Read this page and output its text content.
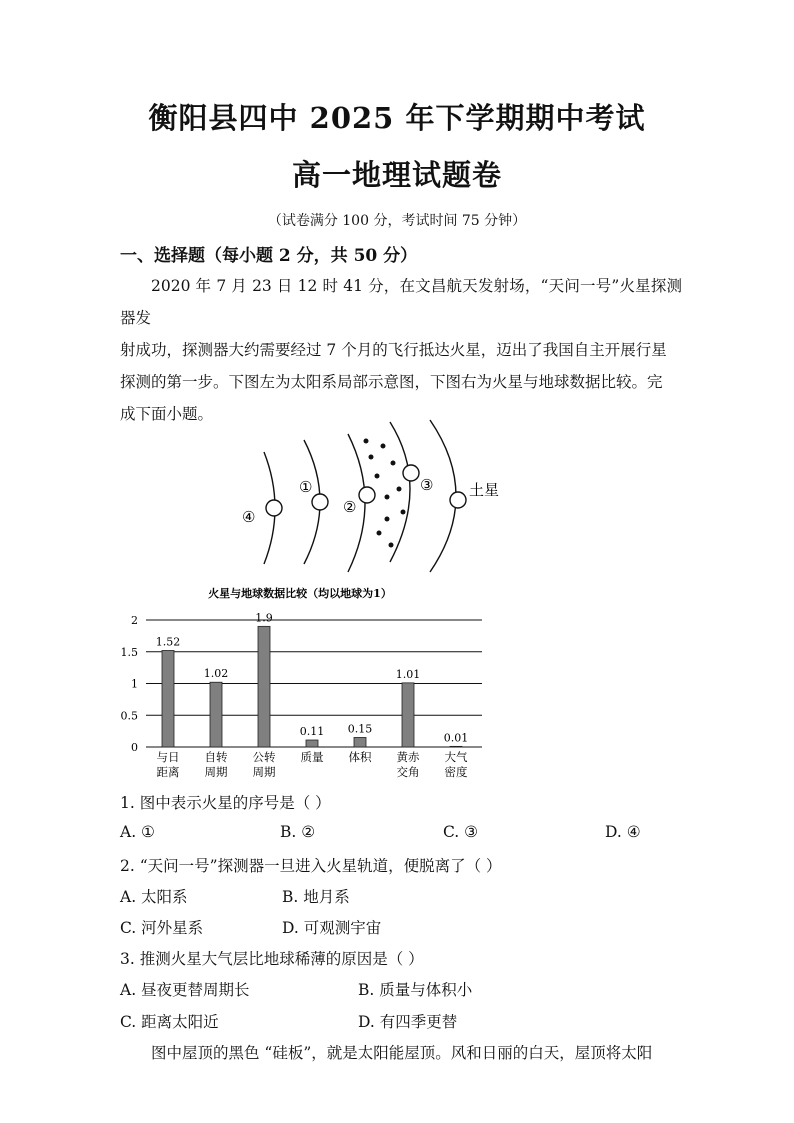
衡阳县四中 2025 年下学期期中考试
高一地理试题卷
（试卷满分 100 分，考试时间 75 分钟）
一、选择题（每小题 2 分，共 50 分）
2020 年 7 月 23 日 12 时 41 分，在文昌航天发射场，“天问一号”火星探测器发
射成功，探测器大约需要经过 7 个月的飞行抵达火星，迈出了我国自主开展行星
探测的第一步。下图左为太阳系局部示意图，下图右为火星与地球数据比较。完
成下面小题。
④
①
②
③ 土星
火星与地球数据比较（均以地球为1）
0
0.5
1
1.5
2
1.52
1.02
1.9
0.11 0.15
1.01
0.01
与日
距离
自转
周期
公转
周期
质量 体积 黄赤
交角
大气
密度
1. 图中表示火星的序号是（ ）
A. ①	B. ②	C. ③	D. ④
2. “天问一号”探测器一旦进入火星轨道，便脱离了（ ）
A. 太阳系	B. 地月系
C. 河外星系	D. 可观测宇宙
3. 推测火星大气层比地球稀薄的原因是（ ）
A. 昼夜更替周期长	B. 质量与体积小
C. 距离太阳近	D. 有四季更替
图中屋顶的黑色 “硅板”，就是太阳能屋顶。风和日丽的白天，屋顶将太阳
